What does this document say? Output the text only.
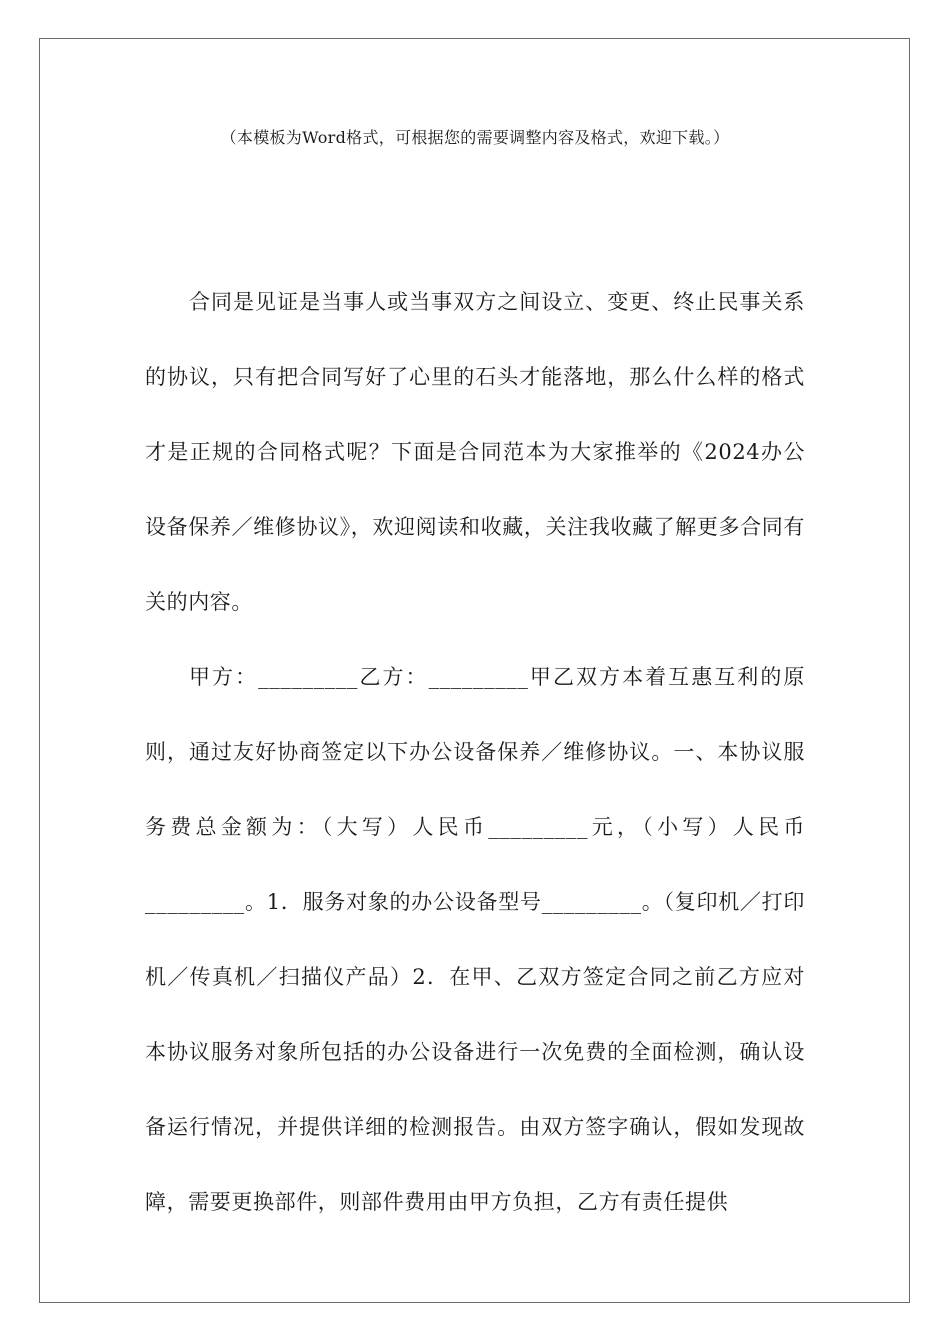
（本模板为Word格式，可根据您的需要调整内容及格式，欢迎下载。）

合同是见证是当事人或当事双方之间设立、变更、终止民事关系的协议，只有把合同写好了心里的石头才能落地，那么什么样的格式才是正规的合同格式呢？下面是合同范本为大家推举的《2024办公设备保养／维修协议》，欢迎阅读和收藏，关注我收藏了解更多合同有关的内容。

甲方：_________乙方：_________甲乙双方本着互惠互利的原则，通过友好协商签定以下办公设备保养／维修协议。一、本协议服务费总金额为：（大写）人民币_________元，（小写）人民币_________。1．服务对象的办公设备型号_________。（复印机／打印机／传真机／扫描仪产品）2．在甲、乙双方签定合同之前乙方应对本协议服务对象所包括的办公设备进行一次免费的全面检测，确认设备运行情况，并提供详细的检测报告。由双方签字确认，假如发现故障，需要更换部件，则部件费用由甲方负担，乙方有责任提供
